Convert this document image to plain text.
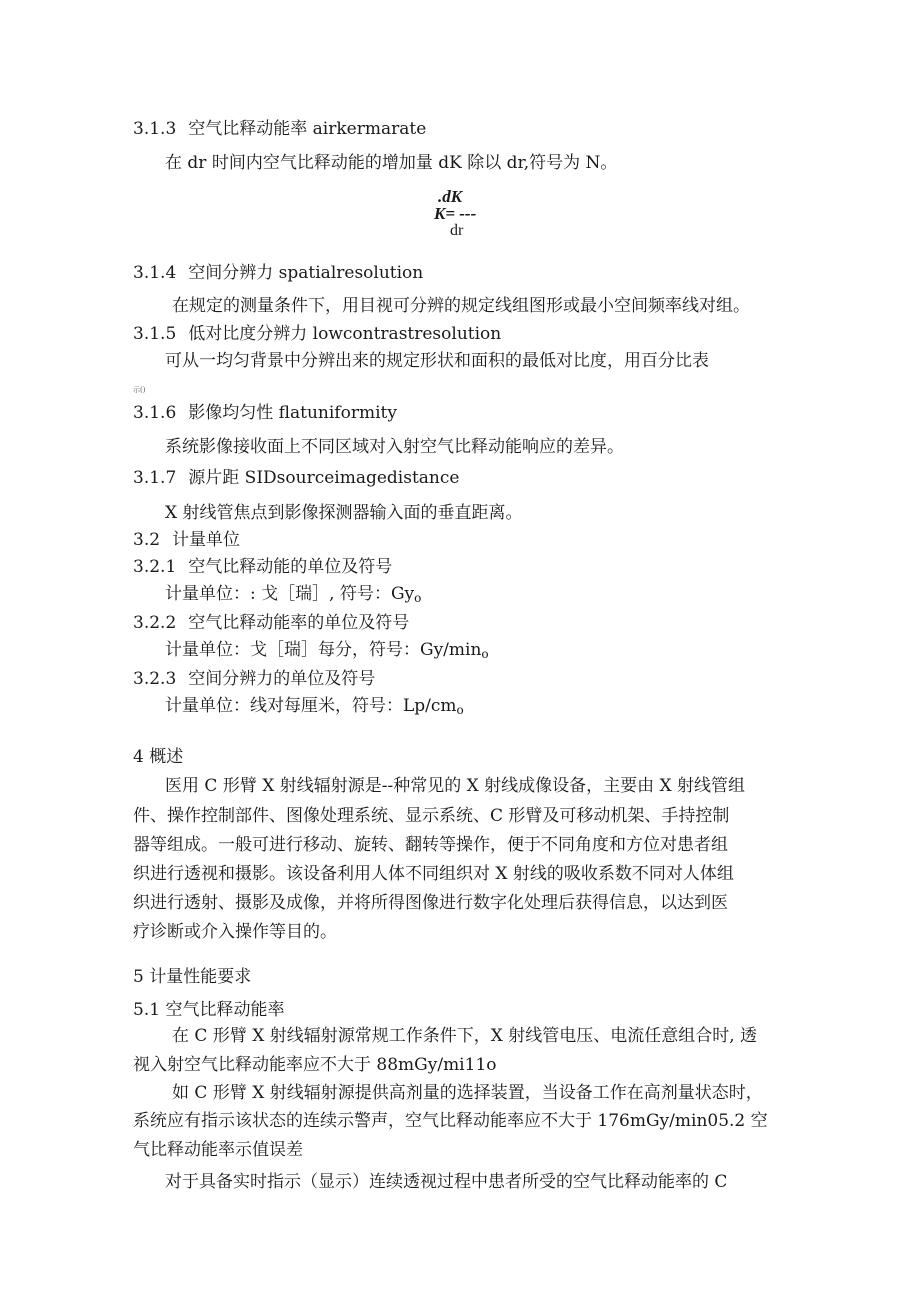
3.1.3 空气比释动能率 airkermarate
在 dr 时间内空气比释动能的增加量 dK 除以 dr,符号为 N。
.dK
K= ---
dr
3.1.4 空间分辨力 spatialresolution
在规定的测量条件下，用目视可分辨的规定线组图形或最小空间频率线对组。
3.1.5 低对比度分辨力 lowcontrastresolution
可从一均匀背景中分辨出来的规定形状和面积的最低对比度，用百分比表
示()
3.1.6 影像均匀性 flatuniformity
系统影像接收面上不同区域对入射空气比释动能响应的差异。
3.1.7 源片距 SIDsourceimagedistance
X 射线管焦点到影像探测器输入面的垂直距离。
3.2 计量单位
3.2.1 空气比释动能的单位及符号
计量单位：: 戈［瑞］, 符号：$Gy_o$
3.2.2 空气比释动能率的单位及符号
计量单位：戈［瑞］每分，符号：$Gy/\min_o$
3.2.3 空间分辨力的单位及符号
计量单位：线对每厘米，符号：$Lp/cm_o$
4 概述
医用 C 形臂 X 射线辐射源是--种常见的 X 射线成像设备，主要由 X 射线管组
件、操作控制部件、图像处理系统、显示系统、C 形臂及可移动机架、手持控制
器等组成。一般可进行移动、旋转、翻转等操作，便于不同角度和方位对患者组
织进行透视和摄影。该设备利用人体不同组织对 X 射线的吸收系数不同对人体组
织进行透射、摄影及成像，并将所得图像进行数字化处理后获得信息，以达到医
疗诊断或介入操作等目的。
5 计量性能要求
5.1 空气比释动能率
在 C 形臂 X 射线辐射源常规工作条件下，X 射线管电压、电流任意组合时, 透
视入射空气比释动能率应不大于 88mGy/mi11o
如 C 形臂 X 射线辐射源提供高剂量的选择装置，当设备工作在高剂量状态时，
系统应有指示该状态的连续示警声，空气比释动能率应不大于 176mGy/min05.2 空
气比释动能率示值误差
对于具备实时指示（显示）连续透视过程中患者所受的空气比释动能率的 C
